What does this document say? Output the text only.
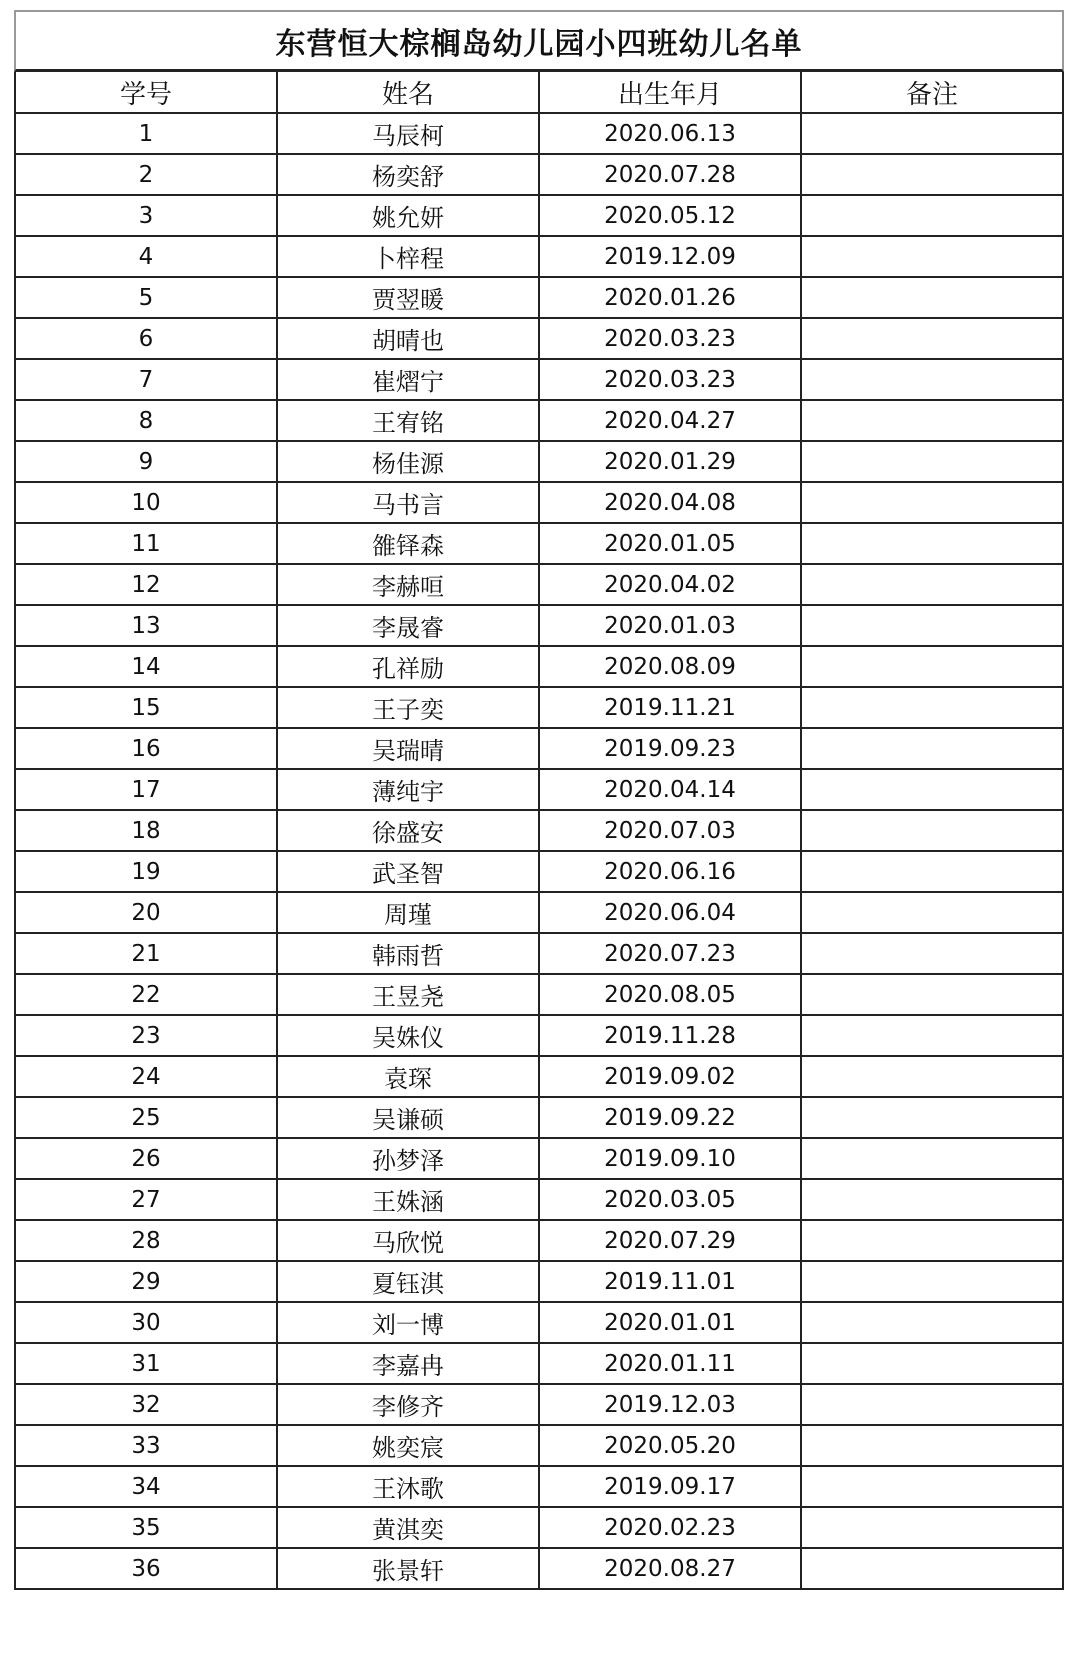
东营恒大棕榈岛幼儿园小四班幼儿名单
学号	姓名	出生年月	备注
1	马辰柯	2020.06.13	
2	杨奕舒	2020.07.28	
3	姚允妍	2020.05.12	
4	卜梓程	2019.12.09	
5	贾翌暖	2020.01.26	
6	胡晴也	2020.03.23	
7	崔熠宁	2020.03.23	
8	王宥铭	2020.04.27	
9	杨佳源	2020.01.29	
10	马书言	2020.04.08	
11	雒铎森	2020.01.05	
12	李赫咺	2020.04.02	
13	李晟睿	2020.01.03	
14	孔祥励	2020.08.09	
15	王子奕	2019.11.21	
16	吴瑞晴	2019.09.23	
17	薄纯宇	2020.04.14	
18	徐盛安	2020.07.03	
19	武圣智	2020.06.16	
20	周瑾	2020.06.04	
21	韩雨哲	2020.07.23	
22	王昱尧	2020.08.05	
23	吴姝仪	2019.11.28	
24	袁琛	2019.09.02	
25	吴谦硕	2019.09.22	
26	孙梦泽	2019.09.10	
27	王姝涵	2020.03.05	
28	马欣悦	2020.07.29	
29	夏钰淇	2019.11.01	
30	刘一博	2020.01.01	
31	李嘉冉	2020.01.11	
32	李修齐	2019.12.03	
33	姚奕宸	2020.05.20	
34	王沐歌	2019.09.17	
35	黄淇奕	2020.02.23	
36	张景轩	2020.08.27	
